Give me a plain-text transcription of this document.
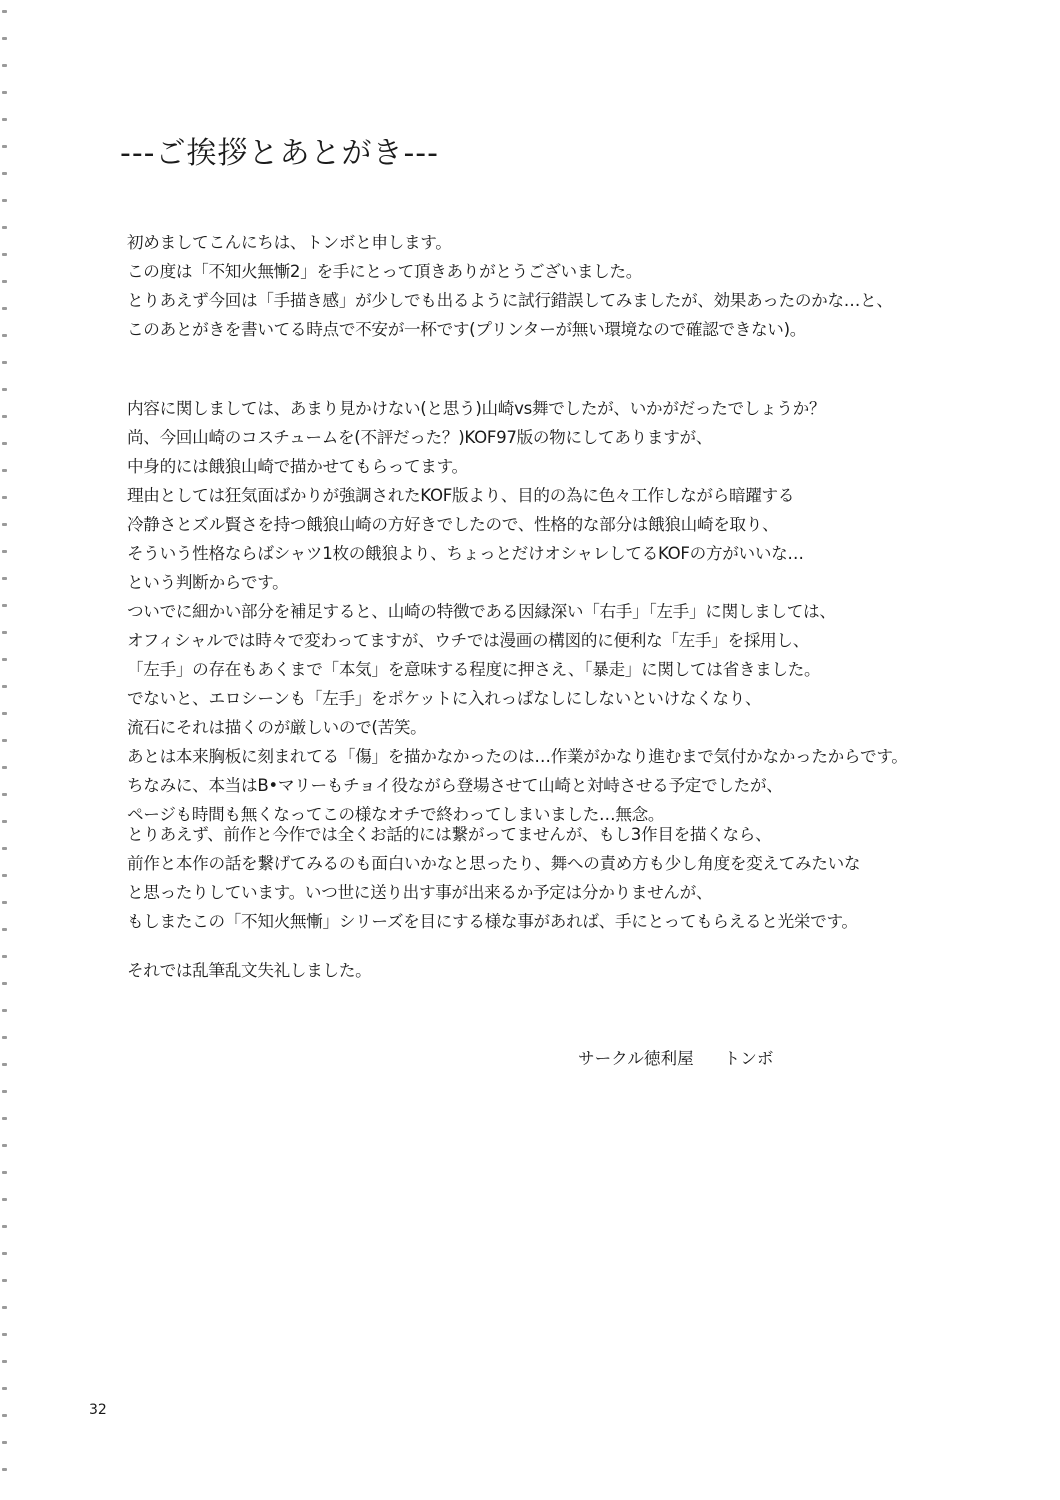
---ご挨拶とあとがき---
初めましてこんにちは、トンボと申します。
この度は「不知火無慚2」を手にとって頂きありがとうございました。
とりあえず今回は「手描き感」が少しでも出るように試行錯誤してみましたが、効果あったのかな…と、
このあとがきを書いてる時点で不安が一杯です(プリンターが無い環境なので確認できない)。
内容に関しましては、あまり見かけない(と思う)山崎vs舞でしたが、いかがだったでしょうか？
尚、今回山崎のコスチュームを(不評だった？)KOF97版の物にしてありますが、
中身的には餓狼山崎で描かせてもらってます。
理由としては狂気面ばかりが強調されたKOF版より、目的の為に色々工作しながら暗躍する
冷静さとズル賢さを持つ餓狼山崎の方好きでしたので、性格的な部分は餓狼山崎を取り、
そういう性格ならばシャツ1枚の餓狼より、ちょっとだけオシャレしてるKOFの方がいいな…
という判断からです。
ついでに細かい部分を補足すると、山崎の特徴である因縁深い「右手」「左手」に関しましては、
オフィシャルでは時々で変わってますが、ウチでは漫画の構図的に便利な「左手」を採用し、
「左手」の存在もあくまで「本気」を意味する程度に押さえ、「暴走」に関しては省きました。
でないと、エロシーンも「左手」をポケットに入れっぱなしにしないといけなくなり、
流石にそれは描くのが厳しいので(苦笑。
あとは本来胸板に刻まれてる「傷」を描かなかったのは…作業がかなり進むまで気付かなかったからです。
ちなみに、本当はB•マリーもチョイ役ながら登場させて山崎と対峙させる予定でしたが、
ページも時間も無くなってこの様なオチで終わってしまいました…無念。
とりあえず、前作と今作では全くお話的には繋がってませんが、もし3作目を描くなら、
前作と本作の話を繋げてみるのも面白いかなと思ったり、舞への責め方も少し角度を変えてみたいな
と思ったりしています。いつ世に送り出す事が出来るか予定は分かりませんが、
もしまたこの「不知火無慚」シリーズを目にする様な事があれば、手にとってもらえると光栄です。
それでは乱筆乱文失礼しました。
サークル徳利屋 トンボ
32
